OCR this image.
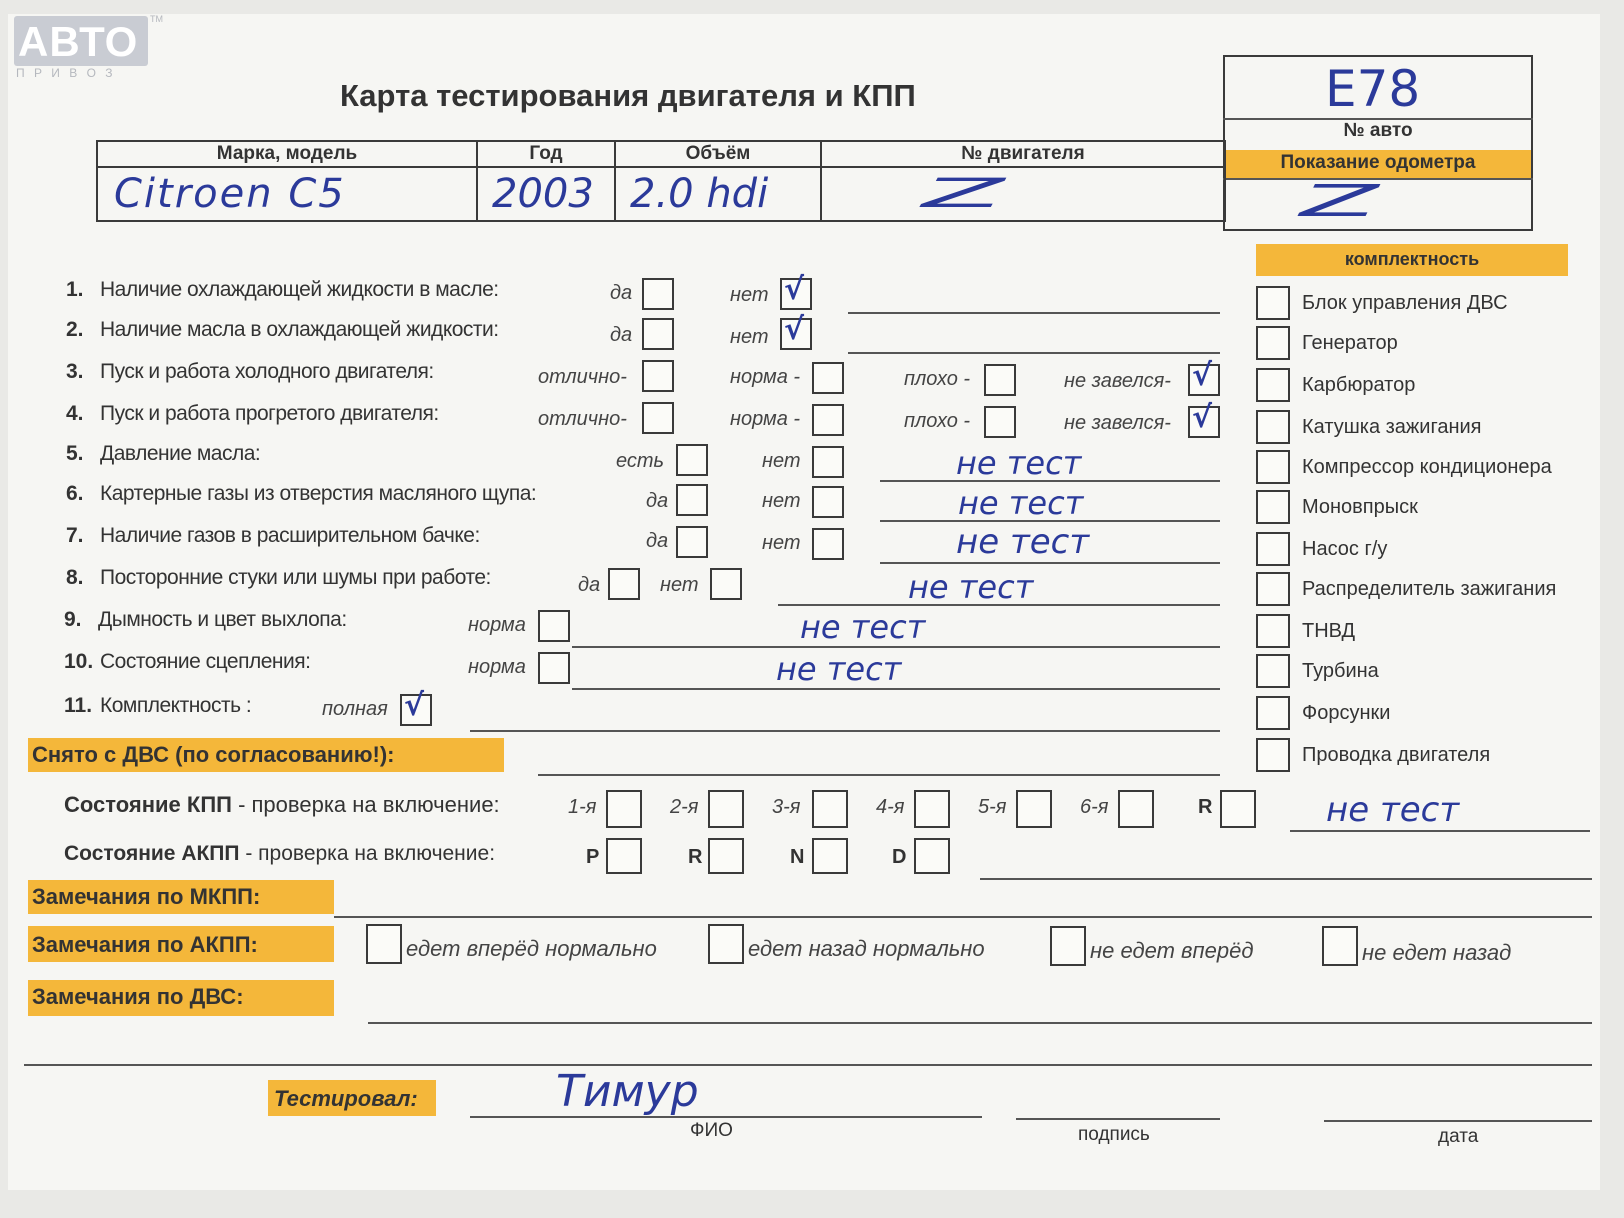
АВТО
П Р И В О З
TM
Карта тестирования двигателя и КПП	E78
№ авто
Показание одометра
Z
Марка, модель	Год	Объём	№ двигателя

Citroen C5	2003	2.0 hdi	Z
1. Наличие охлаждающей жидкости в масле:	да	нет √
2. Наличие масла в охлаждающей жидкости:	да	нет √
3. Пуск и работа холодного двигателя:	отлично-	норма -	плохо -	не завелся- √
4. Пуск и работа прогретого двигателя:	отлично-	норма -	плохо -	не завелся- √
5. Давление масла:	есть	нет	не тест
6. Картерные газы из отверстия масляного щупа:	да	нет	не тест
7. Наличие газов в расширительном бачке:	да	нет	не тест
8. Посторонние стуки или шумы при работе:	да	нет	не тест
9. Дымность и цвет выхлопа:	норма	не тест
10. Состояние сцепления:	норма	не тест
11. Комплектность :	полная √
комплектность
Блок управления ДВС
Генератор
Карбюратор
Катушка зажигания
Компрессор кондиционера
Моновпрыск
Насос г/у
Распределитель зажигания
ТНВД
Турбина
Форсунки
Проводка двигателя
Снято с ДВС (по согласованию!):
Состояние КПП - проверка на включение:	1-я	2-я	3-я	4-я	5-я	6-я	R	не тест
Состояние АКПП - проверка на включение:	P	R	N	D
Замечания по МКПП:
Замечания по АКПП:	едет вперёд нормально	едет назад нормально	не едет вперёд	не едет назад
Замечания по ДВС:
Тестировал:	Тимур
ФИО	подпись	дата
